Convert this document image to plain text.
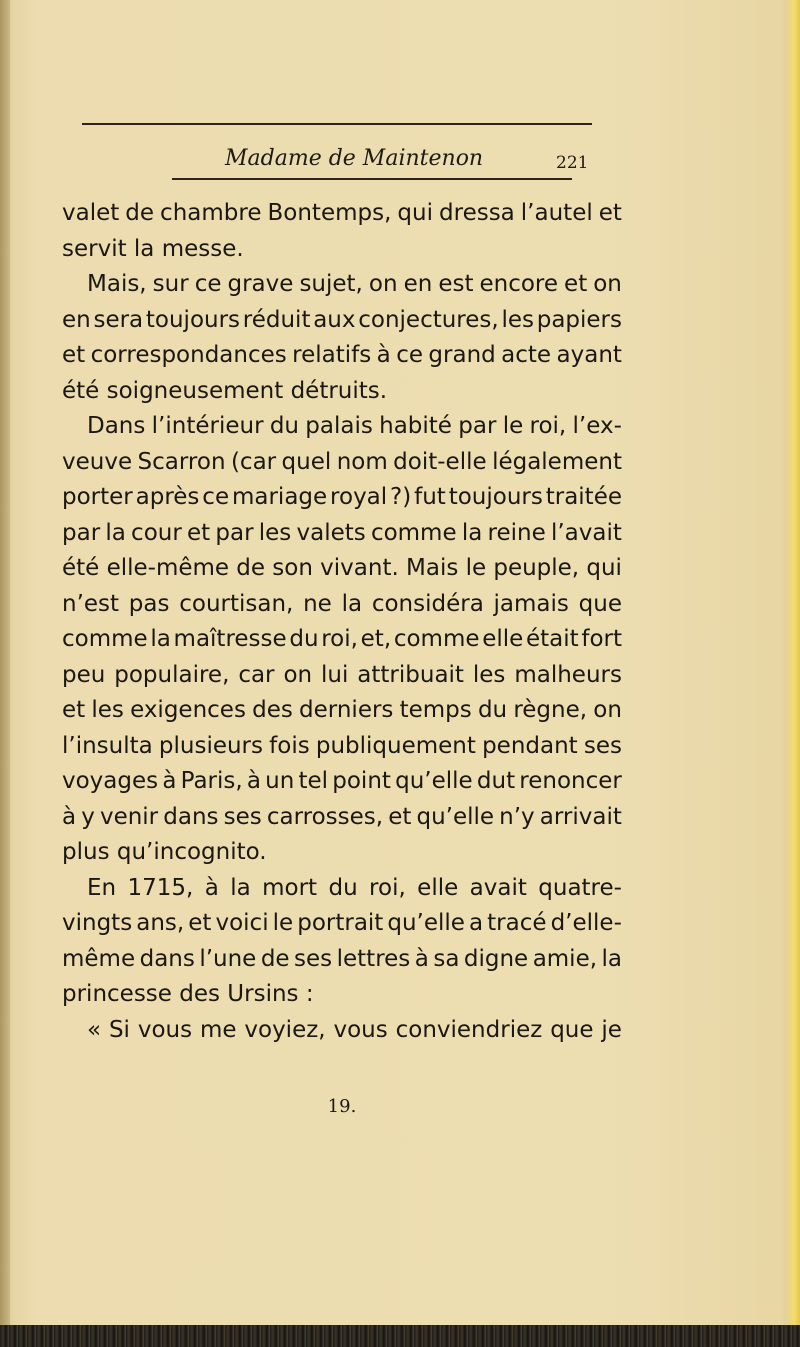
Madame de Maintenon	221
valet de chambre Bontemps, qui dressa l’autel et
servit la messe.
Mais, sur ce grave sujet, on en est encore et on
en sera toujours réduit aux conjectures, les papiers
et correspondances relatifs à ce grand acte ayant
été soigneusement détruits.
Dans l’intérieur du palais habité par le roi, l’ex-
veuve Scarron (car quel nom doit-elle légalement
porter après ce mariage royal ?) fut toujours traitée
par la cour et par les valets comme la reine l’avait
été elle-même de son vivant. Mais le peuple, qui
n’est pas courtisan, ne la considéra jamais que
comme la maîtresse du roi, et, comme elle était fort
peu populaire, car on lui attribuait les malheurs
et les exigences des derniers temps du règne, on
l’insulta plusieurs fois publiquement pendant ses
voyages à Paris, à un tel point qu’elle dut renoncer
à y venir dans ses carrosses, et qu’elle n’y arrivait
plus qu’incognito.
En 1715, à la mort du roi, elle avait quatre-
vingts ans, et voici le portrait qu’elle a tracé d’elle-
même dans l’une de ses lettres à sa digne amie, la
princesse des Ursins :
« Si vous me voyiez, vous conviendriez que je
19.
